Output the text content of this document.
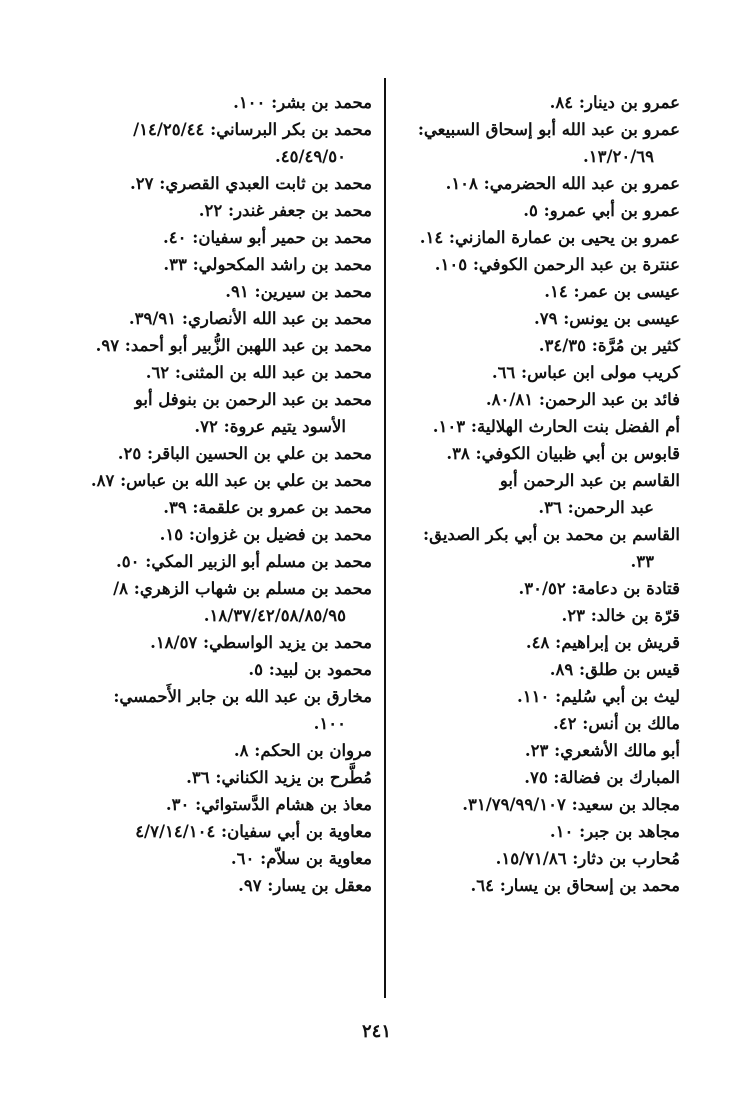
عمرو بن دينار: ٨٤.
عمرو بن عبد الله أبو إسحاق السبيعي:
١٣/٢٠/٦٩.
عمرو بن عبد الله الحضرمي: ١٠٨.
عمرو بن أبي عمرو: ٥.
عمرو بن يحيى بن عمارة المازني: ١٤.
عنترة بن عبد الرحمن الكوفي: ١٠٥.
عيسى بن عمر: ١٤.
عيسى بن يونس: ٧٩.
كثير بن مُرَّة: ٣٤/٣٥.
كريب مولى ابن عباس: ٦٦.
فائد بن عبد الرحمن: ٨٠/٨١.
أم الفضل بنت الحارث الهلالية: ١٠٣.
قابوس بن أبي ظبيان الكوفي: ٣٨.
القاسم بن عبد الرحمن أبو
عبد الرحمن: ٣٦.
القاسم بن محمد بن أبي بكر الصديق:
٣٣.
قتادة بن دعامة: ٣٠/٥٢.
قرّة بن خالد: ٢٣.
قريش بن إبراهيم: ٤٨.
قيس بن طلق: ٨٩.
ليث بن أبي سُليم: ١١٠.
مالك بن أنس: ٤٢.
أبو مالك الأشعري: ٢٣.
المبارك بن فضالة: ٧٥.
مجالد بن سعيد: ٣١/٧٩/٩٩/١٠٧.
مجاهد بن جبر: ١٠.
مُحارب بن دثار: ١٥/٧١/٨٦.
محمد بن إسحاق بن يسار: ٦٤.
محمد بن بشر: ١٠٠.
محمد بن بكر البرساني: ١٤/٢٥/٤٤/
٤٥/٤٩/٥٠.
محمد بن ثابت العبدي القصري: ٢٧.
محمد بن جعفر غندر: ٢٢.
محمد بن حمير أبو سفيان: ٤٠.
محمد بن راشد المكحولي: ٣٣.
محمد بن سيرين: ٩١.
محمد بن عبد الله الأنصاري: ٣٩/٩١.
محمد بن عبد اللهبن الزُّبير أبو أحمد: ٩٧.
محمد بن عبد الله بن المثنى: ٦٢.
محمد بن عبد الرحمن بن بنوفل أبو
الأسود يتيم عروة: ٧٢.
محمد بن علي بن الحسين الباقر: ٢٥.
محمد بن علي بن عبد الله بن عباس: ٨٧.
محمد بن عمرو بن علقمة: ٣٩.
محمد بن فضيل بن غزوان: ١٥.
محمد بن مسلم أبو الزبير المكي: ٥٠.
محمد بن مسلم بن شهاب الزهري: ٨/
١٨/٣٧/٤٢/٥٨/٨٥/٩٥.
محمد بن يزيد الواسطي: ١٨/٥٧.
محمود بن لبيد: ٥.
مخارق بن عبد الله بن جابر الأَحمسي:
١٠٠.
مروان بن الحكم: ٨.
مُطَّرح بن يزيد الكناني: ٣٦.
معاذ بن هشام الدَّستوائي: ٣٠.
معاوية بن أبي سفيان: ٤/٧/١٤/١٠٤
معاوية بن سلاّم: ٦٠.
معقل بن يسار: ٩٧.
٢٤١
